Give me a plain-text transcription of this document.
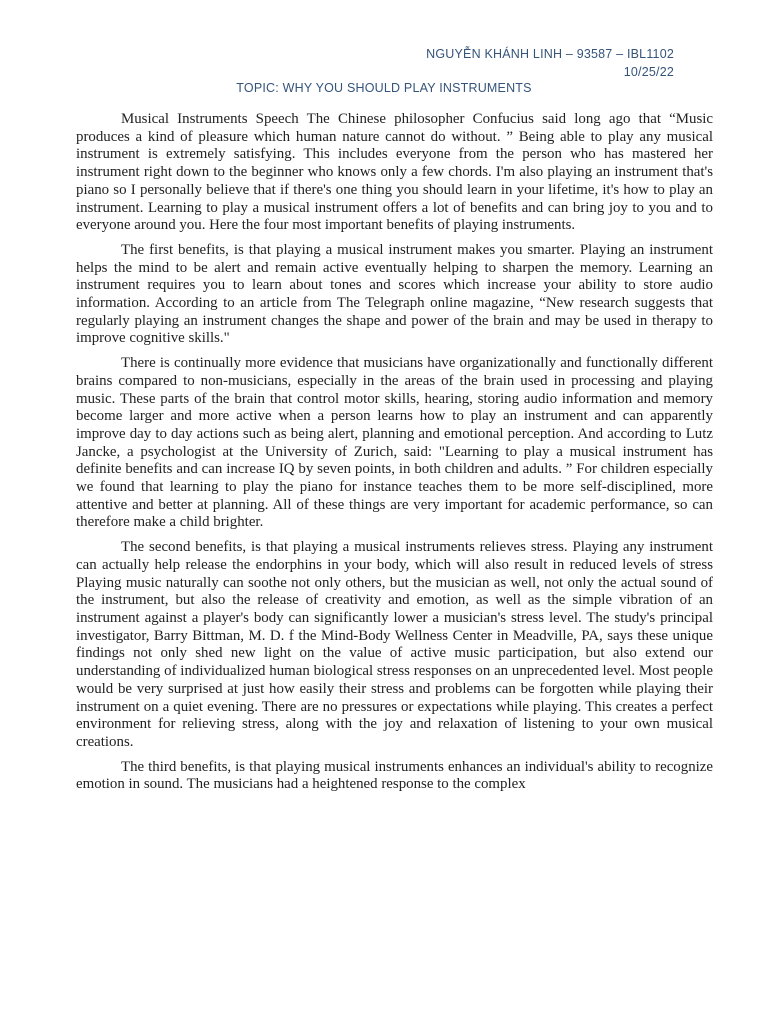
NGUYỄN KHÁNH LINH – 93587 – IBL1102
10/25/22
TOPIC: WHY YOU SHOULD PLAY INSTRUMENTS

Musical Instruments Speech The Chinese philosopher Confucius said long ago that “Music produces a kind of pleasure which human nature cannot do without. ” Being able to play any musical instrument is extremely satisfying. This includes everyone from the person who has mastered her instrument right down to the beginner who knows only a few chords. I'm also playing an instrument that's piano so I personally believe that if there's one thing you should learn in your lifetime, it's how to play an instrument. Learning to play a musical instrument offers a lot of benefits and can bring joy to you and to everyone around you. Here the four most important benefits of playing instruments.

The first benefits, is that playing a musical instrument makes you smarter. Playing an instrument helps the mind to be alert and remain active eventually helping to sharpen the memory. Learning an instrument requires you to learn about tones and scores which increase your ability to store audio information. According to an article from The Telegraph online magazine, “New research suggests that regularly playing an instrument changes the shape and power of the brain and may be used in therapy to improve cognitive skills."

There is continually more evidence that musicians have organizationally and functionally different brains compared to non-musicians, especially in the areas of the brain used in processing and playing music. These parts of the brain that control motor skills, hearing, storing audio information and memory become larger and more active when a person learns how to play an instrument and can apparently improve day to day actions such as being alert, planning and emotional perception. And according to Lutz Jancke, a psychologist at the University of Zurich, said: "Learning to play a musical instrument has definite benefits and can increase IQ by seven points, in both children and adults. ” For children especially we found that learning to play the piano for instance teaches them to be more self-disciplined, more attentive and better at planning. All of these things are very important for academic performance, so can therefore make a child brighter.

The second benefits, is that playing a musical instruments relieves stress. Playing any instrument can actually help release the endorphins in your body, which will also result in reduced levels of stress Playing music naturally can soothe not only others, but the musician as well, not only the actual sound of the instrument, but also the release of creativity and emotion, as well as the simple vibration of an instrument against a player's body can significantly lower a musician's stress level. The study's principal investigator, Barry Bittman, M. D. f the Mind-Body Wellness Center in Meadville, PA, says these unique findings not only shed new light on the value of active music participation, but also extend our understanding of individualized human biological stress responses on an unprecedented level. Most people would be very surprised at just how easily their stress and problems can be forgotten while playing their instrument on a quiet evening. There are no pressures or expectations while playing. This creates a perfect environment for relieving stress, along with the joy and relaxation of listening to your own musical creations.

The third benefits, is that playing musical instruments enhances an individual's ability to recognize emotion in sound. The musicians had a heightened response to the complex
